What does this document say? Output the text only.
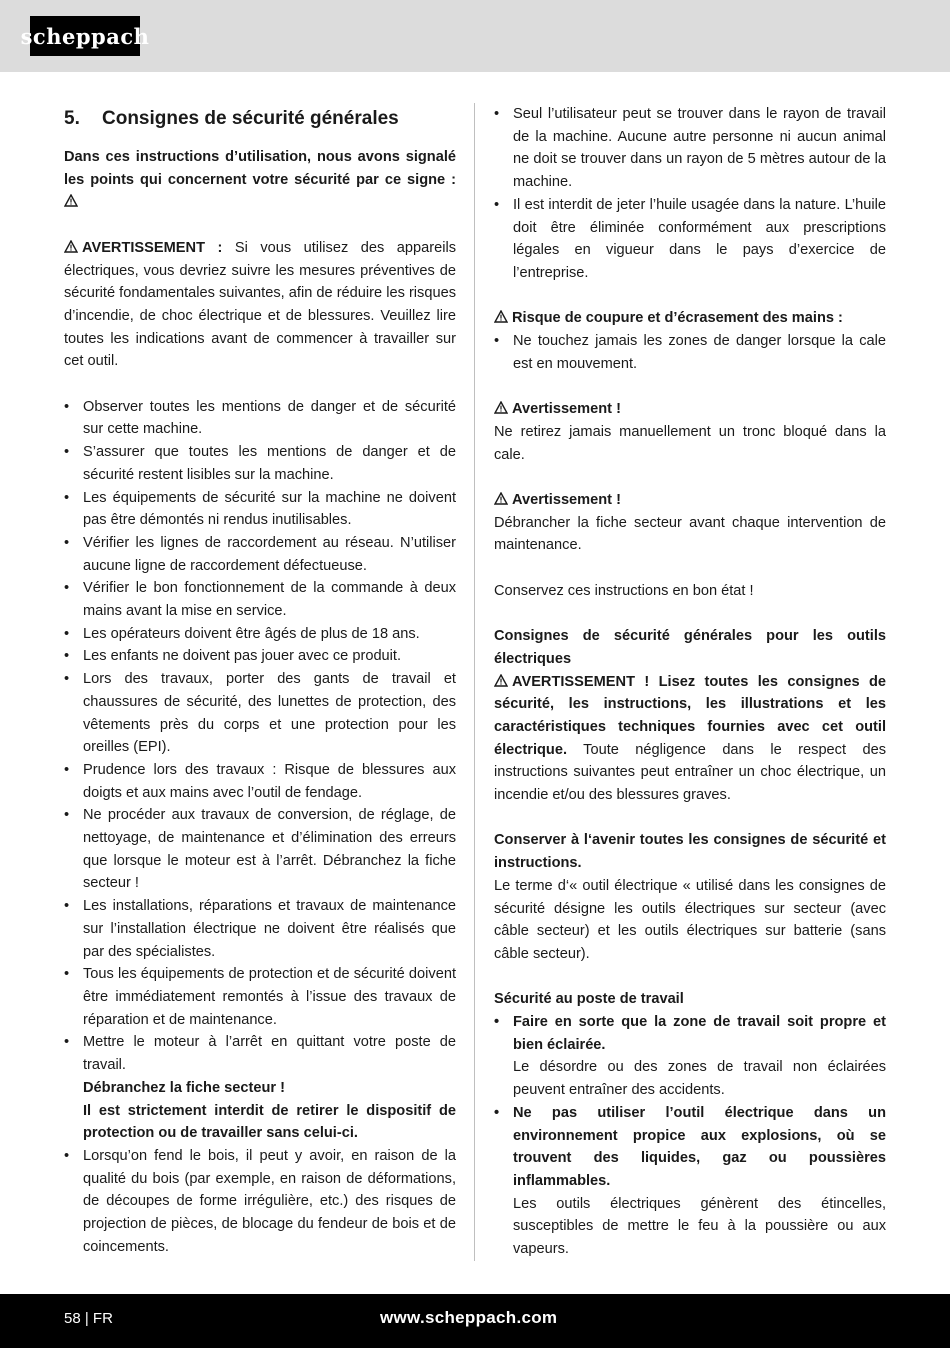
scheppach
5. Consignes de sécurité générales

Dans ces instructions d’utilisation, nous avons signalé les points qui concernent votre sécurité par ce signe :

AVERTISSEMENT : Si vous utilisez des appareils électriques, vous devriez suivre les mesures préventives de sécurité fondamentales suivantes, afin de réduire les risques d’incendie, de choc électrique et de blessures. Veuillez lire toutes les indications avant de commencer à travailler sur cet outil.

• Observer toutes les mentions de danger et de sécurité sur cette machine.
• S’assurer que toutes les mentions de danger et de sécurité restent lisibles sur la machine.
• Les équipements de sécurité sur la machine ne doivent pas être démontés ni rendus inutilisables.
• Vérifier les lignes de raccordement au réseau. N’utiliser aucune ligne de raccordement défectueuse.
• Vérifier le bon fonctionnement de la commande à deux mains avant la mise en service.
• Les opérateurs doivent être âgés de plus de 18 ans.
• Les enfants ne doivent pas jouer avec ce produit.
• Lors des travaux, porter des gants de travail et chaussures de sécurité, des lunettes de protection, des vêtements près du corps et une protection pour les oreilles (EPI).
• Prudence lors des travaux : Risque de blessures aux doigts et aux mains avec l’outil de fendage.
• Ne procéder aux travaux de conversion, de réglage, de nettoyage, de maintenance et d’élimination des erreurs que lorsque le moteur est à l’arrêt. Débranchez la fiche secteur !
• Les installations, réparations et travaux de maintenance sur l’installation électrique ne doivent être réalisés que par des spécialistes.
• Tous les équipements de protection et de sécurité doivent être immédiatement remontés à l’issue des travaux de réparation et de maintenance.
• Mettre le moteur à l’arrêt en quittant votre poste de travail.
Débranchez la fiche secteur !
Il est strictement interdit de retirer le dispositif de protection ou de travailler sans celui-ci.
• Lorsqu’on fend le bois, il peut y avoir, en raison de la qualité du bois (par exemple, en raison de déformations, de découpes de forme irrégulière, etc.) des risques de projection de pièces, de blocage du fendeur de bois et de coincements.
• Seul l’utilisateur peut se trouver dans le rayon de travail de la machine. Aucune autre personne ni aucun animal ne doit se trouver dans un rayon de 5 mètres autour de la machine.
• Il est interdit de jeter l’huile usagée dans la nature. L’huile doit être éliminée conformément aux prescriptions légales en vigueur dans le pays d’exercice de l’entreprise.

Risque de coupure et d’écrasement des mains :

• Ne touchez jamais les zones de danger lorsque la cale est en mouvement.

Avertissement !

Ne retirez jamais manuellement un tronc bloqué dans la cale.

Avertissement !

Débrancher la fiche secteur avant chaque intervention de maintenance.

Conservez ces instructions en bon état !

Consignes de sécurité générales pour les outils électriques

AVERTISSEMENT ! Lisez toutes les consignes de sécurité, les instructions, les illustrations et les caractéristiques techniques fournies avec cet outil électrique. Toute négligence dans le respect des instructions suivantes peut entraîner un choc électrique, un incendie et/ou des blessures graves.

Conserver à l‘avenir toutes les consignes de sécurité et instructions.

Le terme d‘« outil électrique « utilisé dans les consignes de sécurité désigne les outils électriques sur secteur (avec câble secteur) et les outils électriques sur batterie (sans câble secteur).

Sécurité au poste de travail

• Faire en sorte que la zone de travail soit propre et bien éclairée.
Le désordre ou des zones de travail non éclairées peuvent entraîner des accidents.
• Ne pas utiliser l’outil électrique dans un environnement propice aux explosions, où se trouvent des liquides, gaz ou poussières inflammables.
Les outils électriques génèrent des étincelles, susceptibles de mettre le feu à la poussière ou aux vapeurs.
58 | FR	www.scheppach.com
